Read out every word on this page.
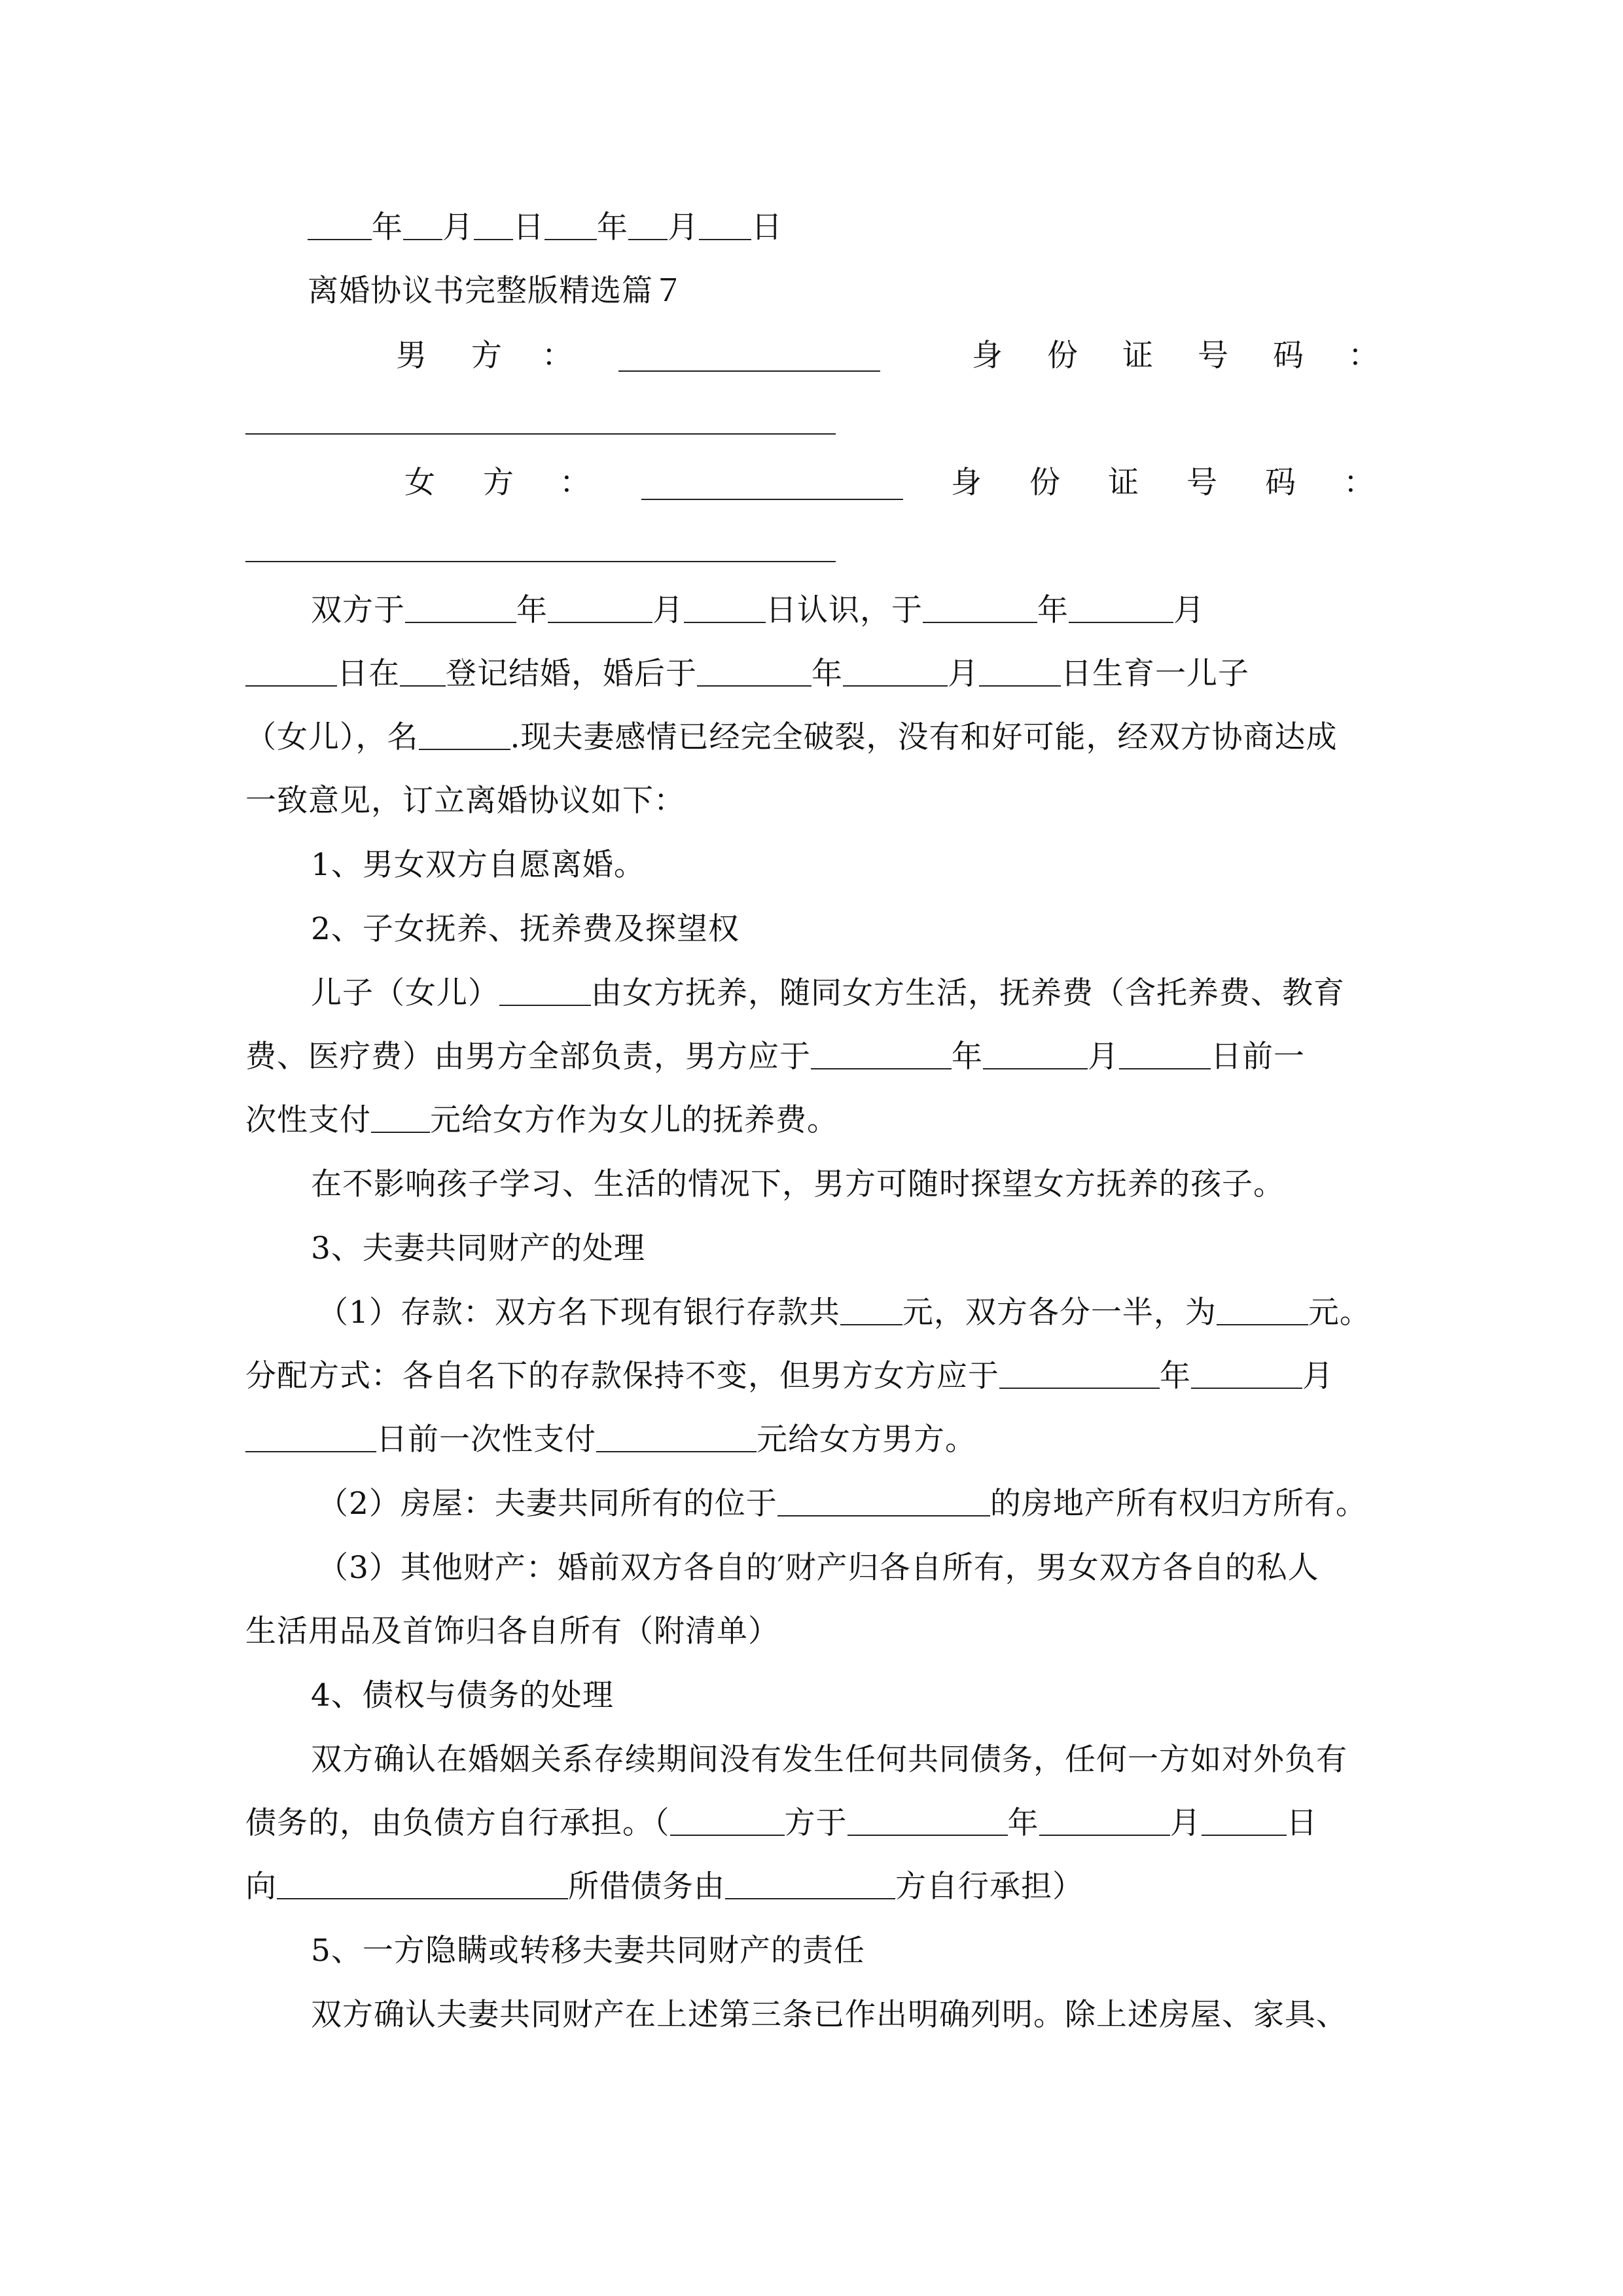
年 月 日 年 月 日
离婚协议书完整版精选篇７
男 方 ：	身 份 证 号 码 ：
女 方 ：	身 份 证 号 码 ：
双方于	年	月	日认识，于	年	月
日在 登记结婚，婚后于	年	月	日生育一儿子
（女儿），名	.现夫妻感情已经完全破裂，没有和好可能，经双方协商达成
一致意见，订立离婚协议如下：
1、男女双方自愿离婚。
2、子女抚养、抚养费及探望权
儿子（女儿）	由女方抚养，随同女方生活，抚养费（含托养费、教育
费、医疗费）由男方全部负责，男方应于	年	月	日前一
次性支付 元给女方作为女儿的抚养费。
在不影响孩子学习、生活的情况下，男方可随时探望女方抚养的孩子。
3、夫妻共同财产的处理
（1）存款：双方名下现有银行存款共 元，双方各分一半，为	元。
分配方式：各自名下的存款保持不变，但男方女方应于	年	月
日前一次性支付	元给女方男方。
（2）房屋：夫妻共同所有的位于	的房地产所有权归方所有。
（3）其他财产：婚前双方各自的′财产归各自所有，男女双方各自的私人
生活用品及首饰归各自所有（附清单）
4、债权与债务的处理
双方确认在婚姻关系存续期间没有发生任何共同债务，任何一方如对外负有
债务的，由负债方自行承担。（	方于	年	月	日
向	所借债务由	方自行承担）
5、一方隐瞒或转移夫妻共同财产的责任
双方确认夫妻共同财产在上述第三条已作出明确列明。除上述房屋、家具、
